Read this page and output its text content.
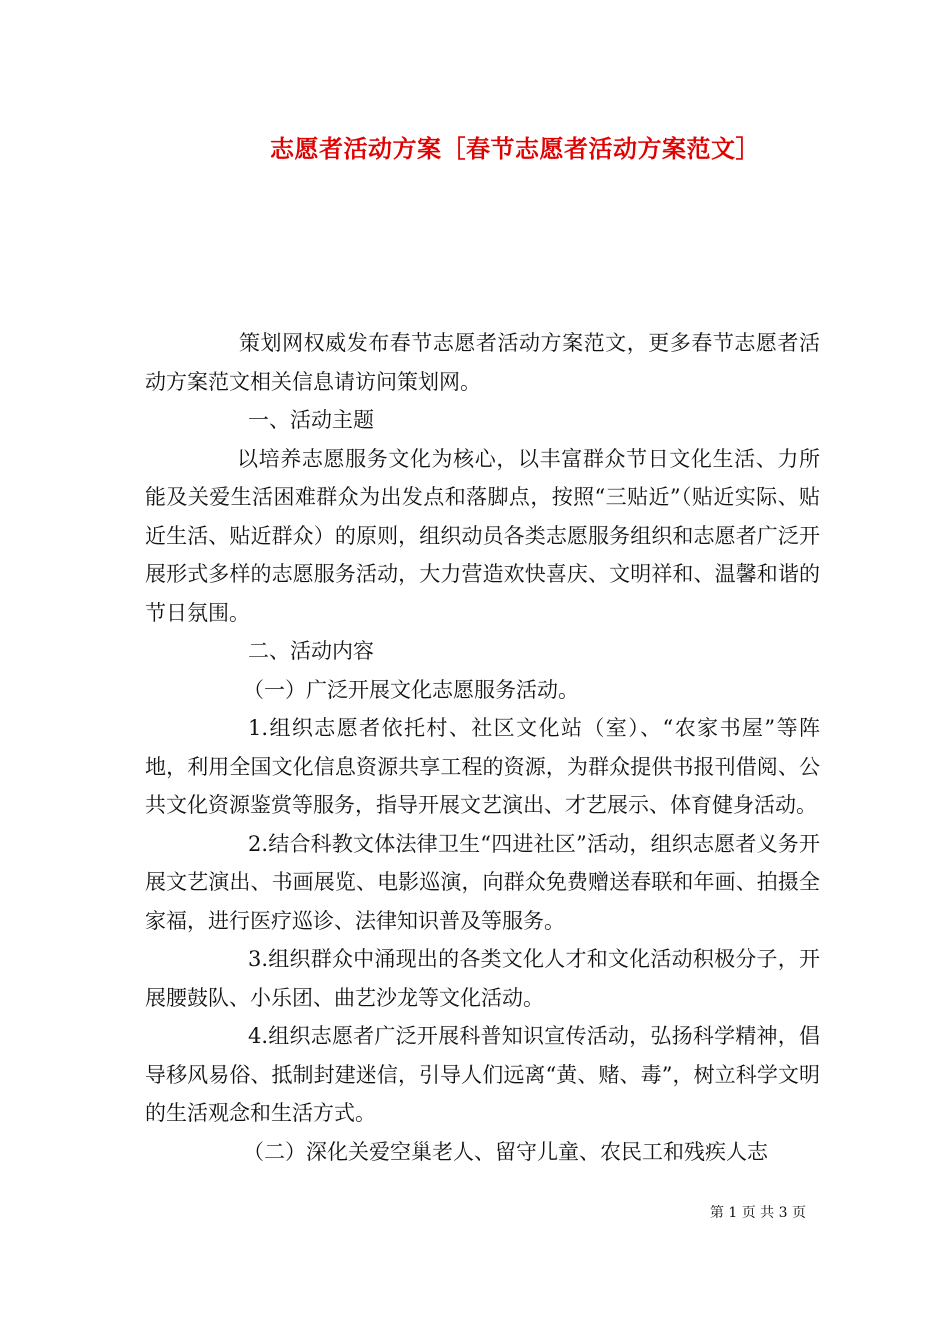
志愿者活动方案［春节志愿者活动方案范文］

策划网权威发布春节志愿者活动方案范文，更多春节志愿者活动方案范文相关信息请访问策划网。

一、活动主题

以培养志愿服务文化为核心，以丰富群众节日文化生活、力所能及关爱生活困难群众为出发点和落脚点，按照“三贴近”（贴近实际、贴近生活、贴近群众）的原则，组织动员各类志愿服务组织和志愿者广泛开展形式多样的志愿服务活动，大力营造欢快喜庆、文明祥和、温馨和谐的节日氛围。

二、活动内容

（一）广泛开展文化志愿服务活动。

1.组织志愿者依托村、社区文化站（室）、“农家书屋”等阵地，利用全国文化信息资源共享工程的资源，为群众提供书报刊借阅、公共文化资源鉴赏等服务，指导开展文艺演出、才艺展示、体育健身活动。

2.结合科教文体法律卫生“四进社区”活动，组织志愿者义务开展文艺演出、书画展览、电影巡演，向群众免费赠送春联和年画、拍摄全家福，进行医疗巡诊、法律知识普及等服务。

3.组织群众中涌现出的各类文化人才和文化活动积极分子，开展腰鼓队、小乐团、曲艺沙龙等文化活动。

4.组织志愿者广泛开展科普知识宣传活动，弘扬科学精神，倡导移风易俗、抵制封建迷信，引导人们远离“黄、赌、毒”，树立科学文明的生活观念和生活方式。

（二）深化关爱空巢老人、留守儿童、农民工和残疾人志

第 1 页 共 3 页
